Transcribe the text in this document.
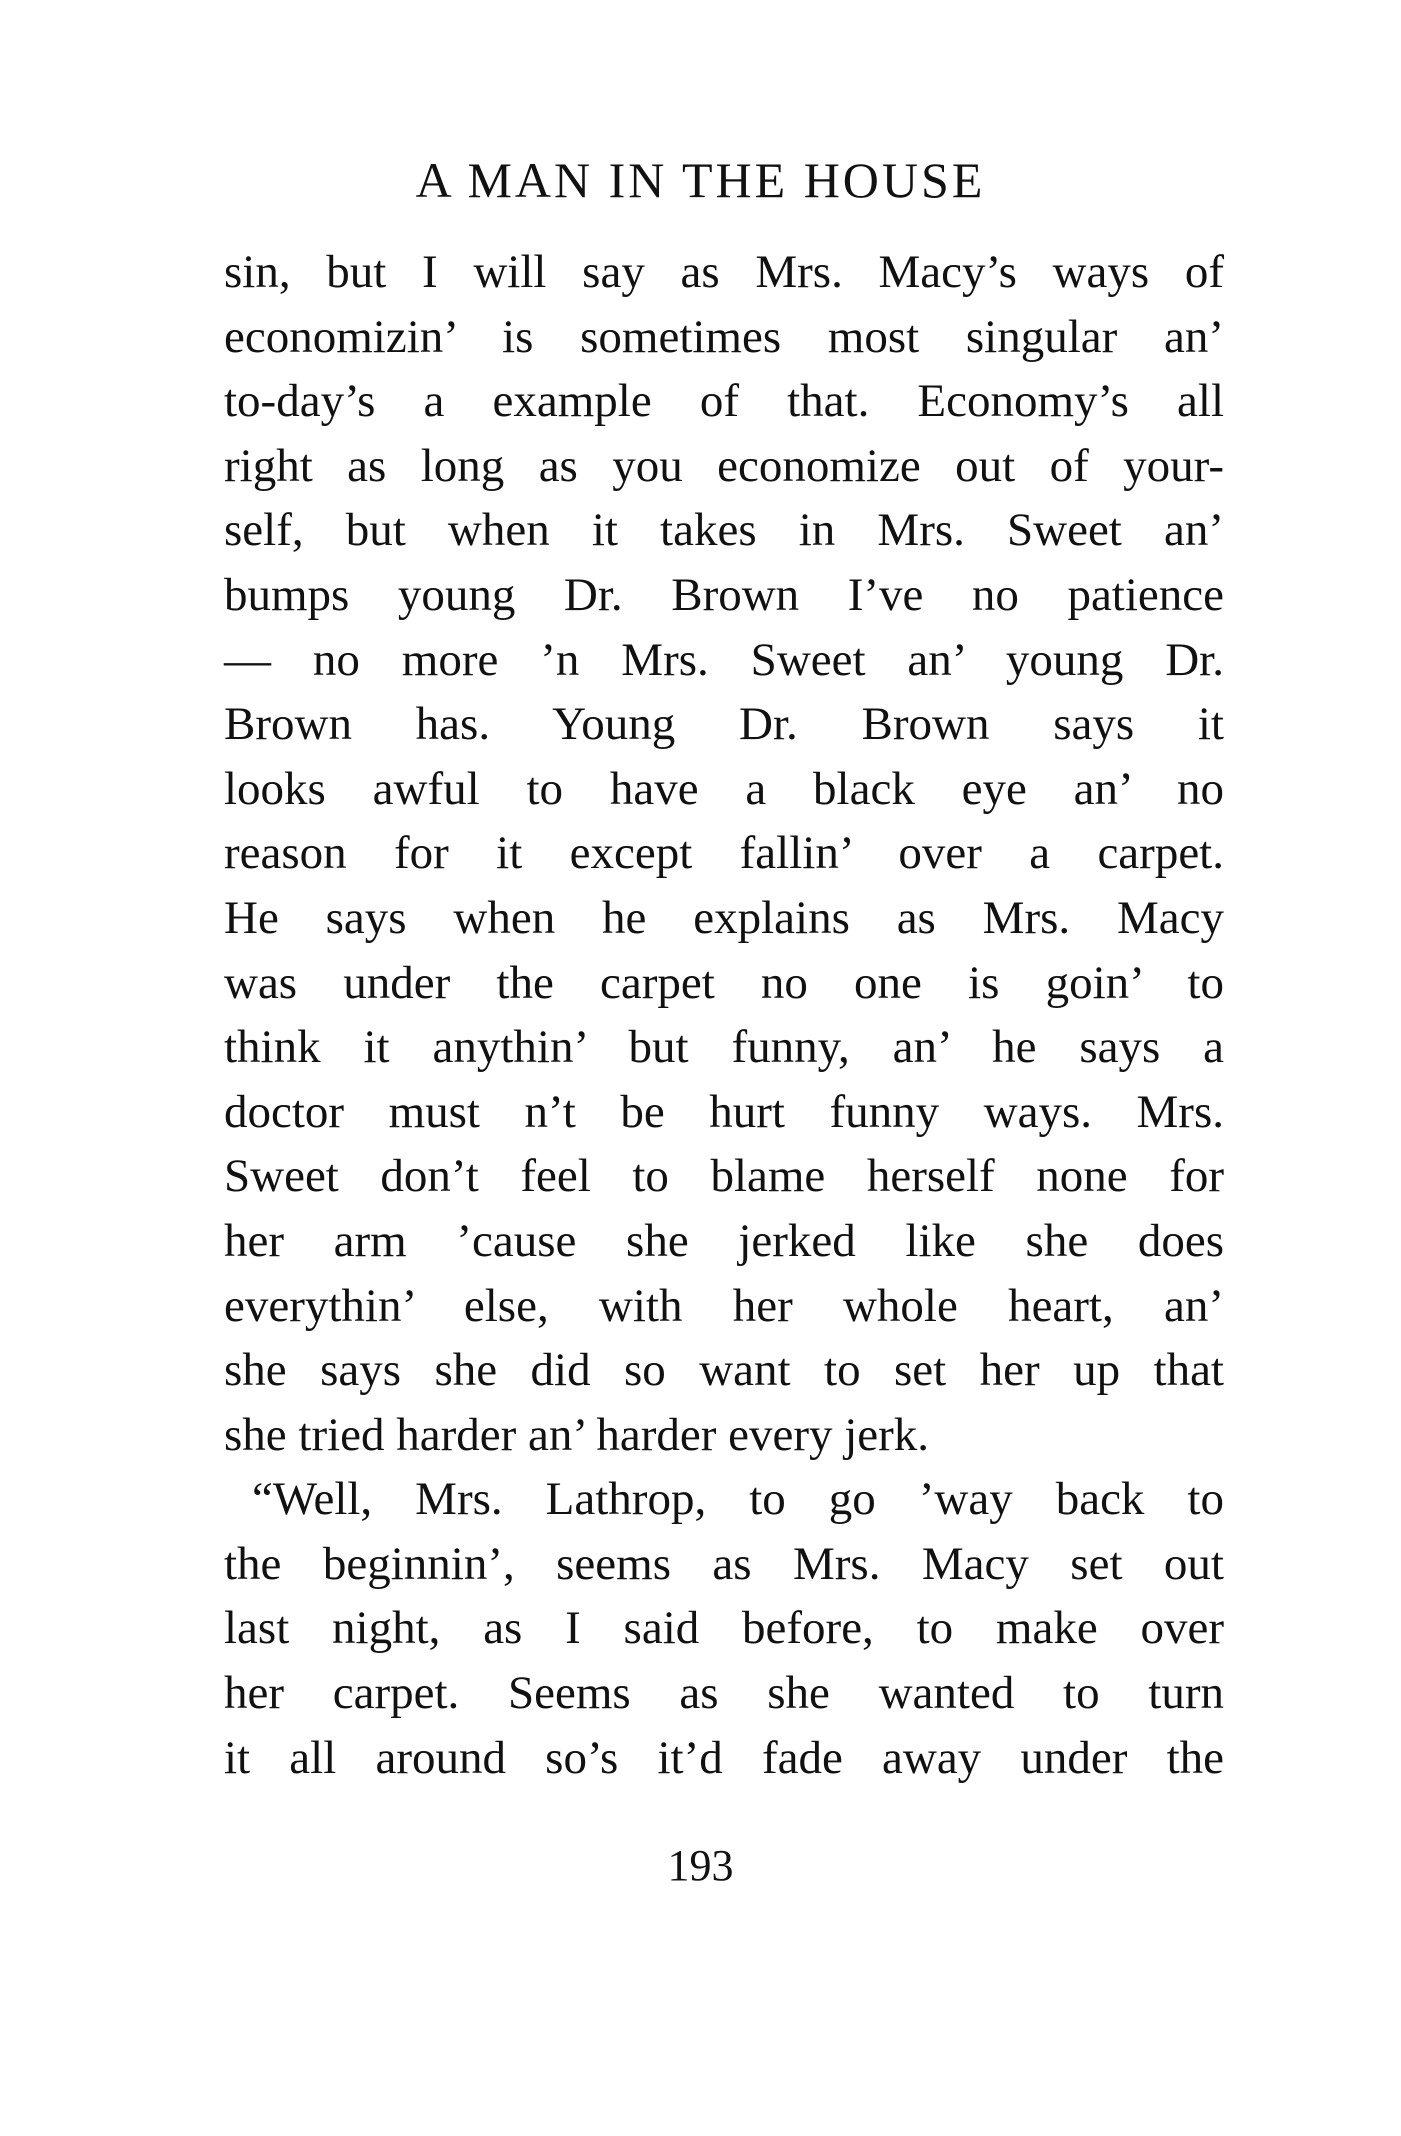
A MAN IN THE HOUSE
sin, but I will say as Mrs. Macy’s ways of
economizin’ is sometimes most singular an’
to-day’s a example of that. Economy’s all
right as long as you economize out of your-
self, but when it takes in Mrs. Sweet an’
bumps young Dr. Brown I’ve no patience
— no more ’n Mrs. Sweet an’ young Dr.
Brown has. Young Dr. Brown says it
looks awful to have a black eye an’ no
reason for it except fallin’ over a carpet.
He says when he explains as Mrs. Macy
was under the carpet no one is goin’ to
think it anythin’ but funny, an’ he says a
doctor must n’t be hurt funny ways. Mrs.
Sweet don’t feel to blame herself none for
her arm ’cause she jerked like she does
everythin’ else, with her whole heart, an’
she says she did so want to set her up that
she tried harder an’ harder every jerk.
“Well, Mrs. Lathrop, to go ’way back to
the beginnin’, seems as Mrs. Macy set out
last night, as I said before, to make over
her carpet. Seems as she wanted to turn
it all around so’s it’d fade away under the
193
